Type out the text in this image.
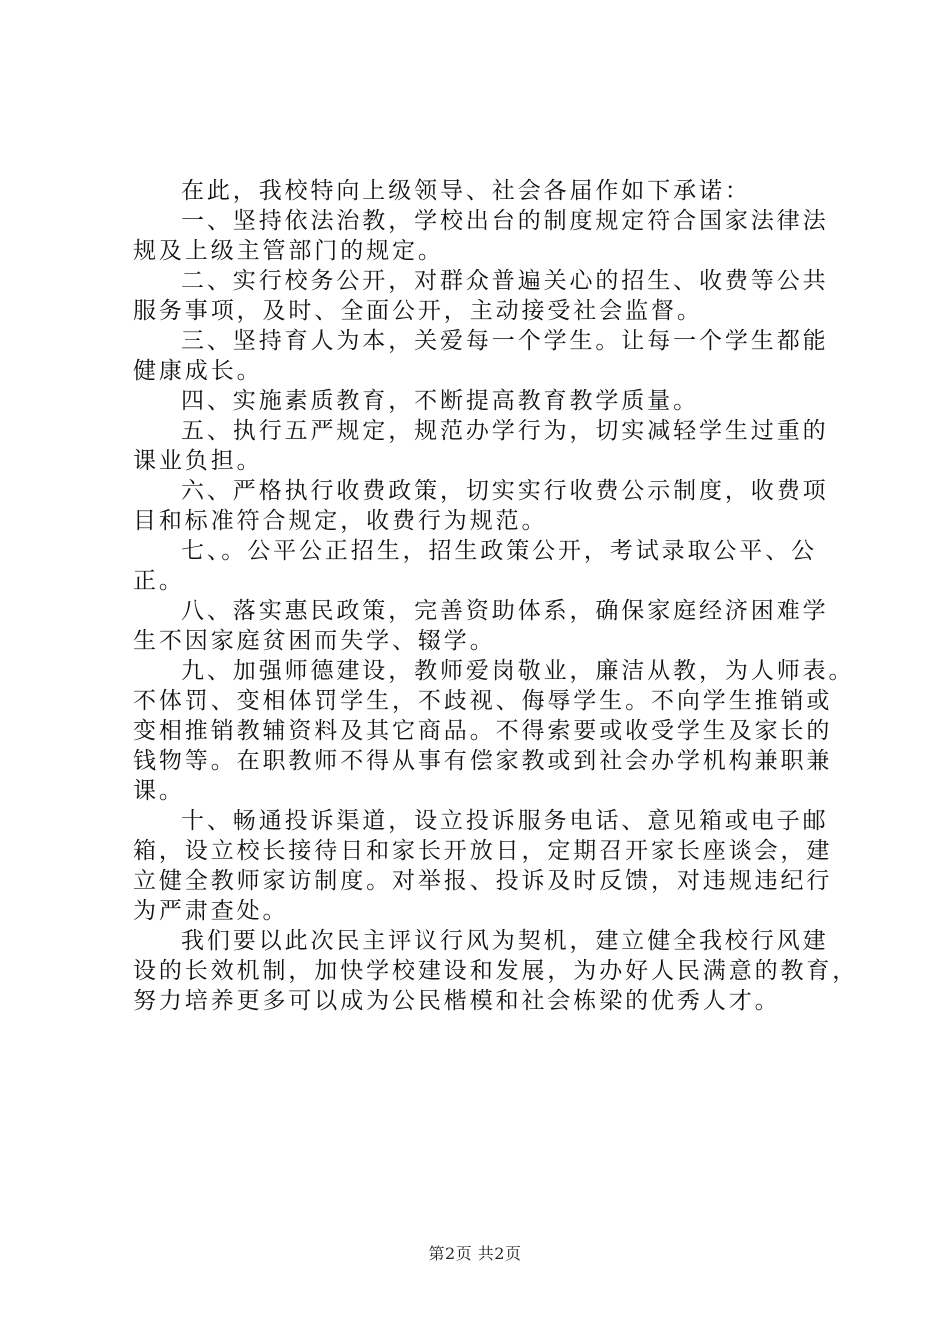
在此，我校特向上级领导、社会各届作如下承诺：

一、坚持依法治教，学校出台的制度规定符合国家法律法
规及上级主管部门的规定。

二、实行校务公开，对群众普遍关心的招生、收费等公共
服务事项，及时、全面公开，主动接受社会监督。

三、坚持育人为本，关爱每一个学生。让每一个学生都能
健康成长。

四、实施素质教育，不断提高教育教学质量。

五、执行五严规定，规范办学行为，切实减轻学生过重的
课业负担。

六、严格执行收费政策，切实实行收费公示制度，收费项
目和标准符合规定，收费行为规范。

七、。公平公正招生，招生政策公开，考试录取公平、公
正。

八、落实惠民政策，完善资助体系，确保家庭经济困难学
生不因家庭贫困而失学、辍学。

九、加强师德建设，教师爱岗敬业，廉洁从教，为人师表。
不体罚、变相体罚学生，不歧视、侮辱学生。不向学生推销或
变相推销教辅资料及其它商品。不得索要或收受学生及家长的
钱物等。在职教师不得从事有偿家教或到社会办学机构兼职兼
课。

十、畅通投诉渠道，设立投诉服务电话、意见箱或电子邮
箱，设立校长接待日和家长开放日，定期召开家长座谈会，建
立健全教师家访制度。对举报、投诉及时反馈，对违规违纪行
为严肃查处。

我们要以此次民主评议行风为契机，建立健全我校行风建
设的长效机制，加快学校建设和发展，为办好人民满意的教育，
努力培养更多可以成为公民楷模和社会栋梁的优秀人才。

第2页 共2页
